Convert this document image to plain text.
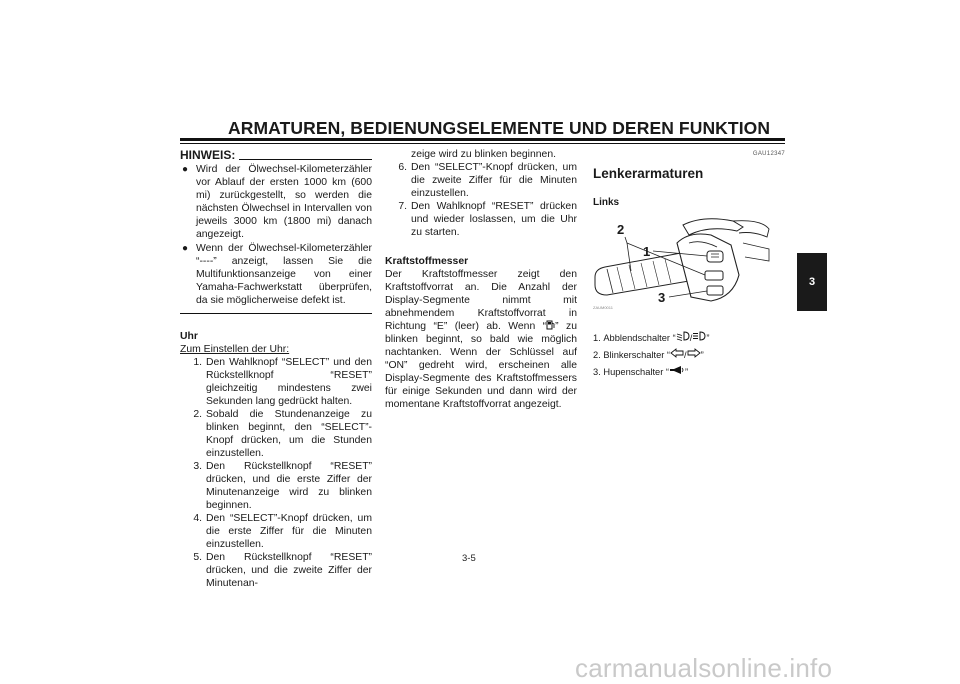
ARMATUREN, BEDIENUNGSELEMENTE UND DEREN FUNKTION
HINWEIS:
● Wird der Ölwechsel-Kilometerzähler vor Ablauf der ersten 1000 km (600 mi) zurückgestellt, so werden die nächsten Ölwechsel in Intervallen von jeweils 3000 km (1800 mi) danach angezeigt.
● Wenn der Ölwechsel-Kilometerzähler “----” anzeigt, lassen Sie die Multifunktionsanzeige von einer Yamaha-Fachwerkstatt überprüfen, da sie möglicherweise defekt ist.
Uhr
Zum Einstellen der Uhr:
1. Den Wahlknopf “SELECT” und den Rückstellknopf “RESET” gleichzeitig mindestens zwei Sekunden lang gedrückt halten.
2. Sobald die Stundenanzeige zu blinken beginnt, den “SELECT”-Knopf drücken, um die Stunden einzustellen.
3. Den Rückstellknopf “RESET” drücken, und die erste Ziffer der Minutenanzeige wird zu blinken beginnen.
4. Den “SELECT”-Knopf drücken, um die erste Ziffer für die Minuten einzustellen.
5. Den Rückstellknopf “RESET” drücken, und die zweite Ziffer der Minutenan-
zeige wird zu blinken beginnen.
6. Den “SELECT”-Knopf drücken, um die zweite Ziffer für die Minuten einzustellen.
7. Den Wahlknopf “RESET” drücken und wieder loslassen, um die Uhr zu starten.
Kraftstoffmesser
Der Kraftstoffmesser zeigt den Kraftstoffvorrat an. Die Anzahl der Display-Segmente nimmt mit abnehmendem Kraftstoffvorrat in Richtung “E” (leer) ab. Wenn “ ” zu blinken beginnt, so bald wie möglich nachtanken. Wenn der Schlüssel auf “ON” gedreht wird, erscheinen alle Display-Segmente des Kraftstoffmessers für einige Sekunden und dann wird der momentane Kraftstoffvorrat angezeigt.
GAU12347
Lenkerarmaturen
Links
2
1
3
ZAUM0011
1.
Abblendschalter “ / ”
2.
Blinkerschalter “ / ”
3.
Hupenschalter “ ”
3
3-5
carmanualsonline.info
